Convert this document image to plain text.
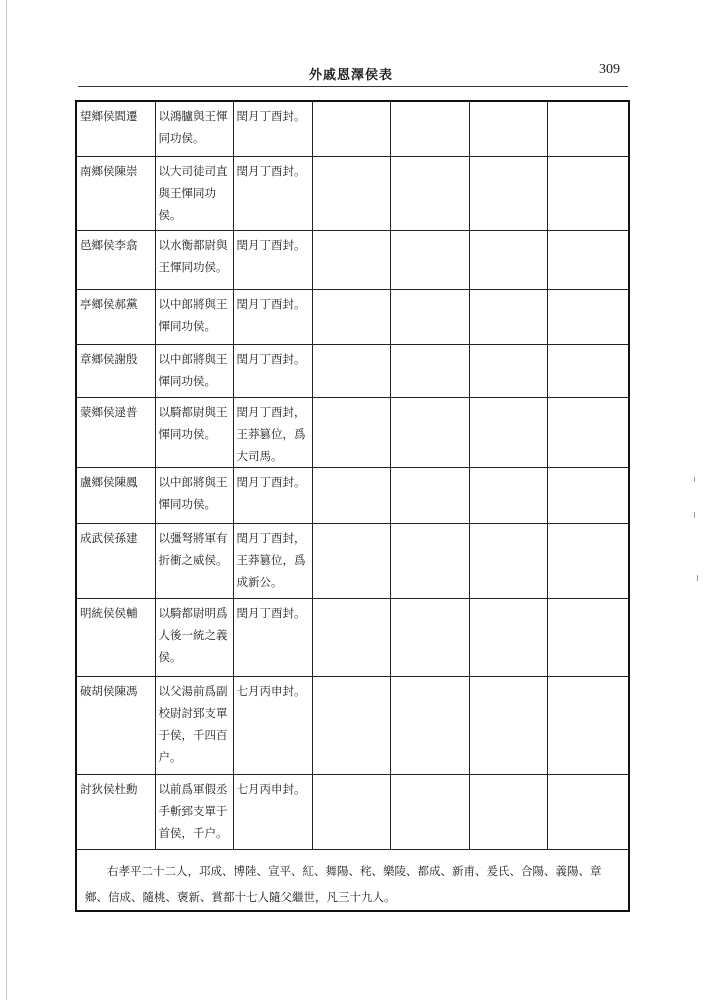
外戚恩澤侯表	309
望鄉侯閻遷	以鴻臚與王惲同功侯。	閏月丁酉封。				
南鄉侯陳崇	以大司徒司直與王惲同功侯。	閏月丁酉封。				
邑鄉侯李翕	以水衡都尉與王惲同功侯。	閏月丁酉封。				
亭鄉侯郝黨	以中郎將與王惲同功侯。	閏月丁酉封。				
章鄉侯謝殷	以中郎將與王惲同功侯。	閏月丁酉封。				
蒙鄉侯逯普	以騎都尉與王惲同功侯。	閏月丁酉封，王莽篡位，爲大司馬。				
盧鄉侯陳鳳	以中郎將與王惲同功侯。	閏月丁酉封。				
成武侯孫建	以彊弩將軍有折衝之威侯。	閏月丁酉封，王莽篡位，爲成新公。				
明統侯侯輔	以騎都尉明爲人後一統之義侯。	閏月丁酉封。				
破胡侯陳馮	以父湯前爲副校尉討郅支單于侯，千四百户。	七月丙申封。				
討狄侯杜勳	以前爲軍假丞手斬郅支單于首侯，千户。	七月丙申封。				
右孝平二十二人，邛成、博陸、宣平、紅、舞陽、秺、樂陵、都成、新甫、爰氏、合陽、義陽、章鄉、信成、隨桃、褒新、賞都十七人隨父繼世，凡三十九人。						
